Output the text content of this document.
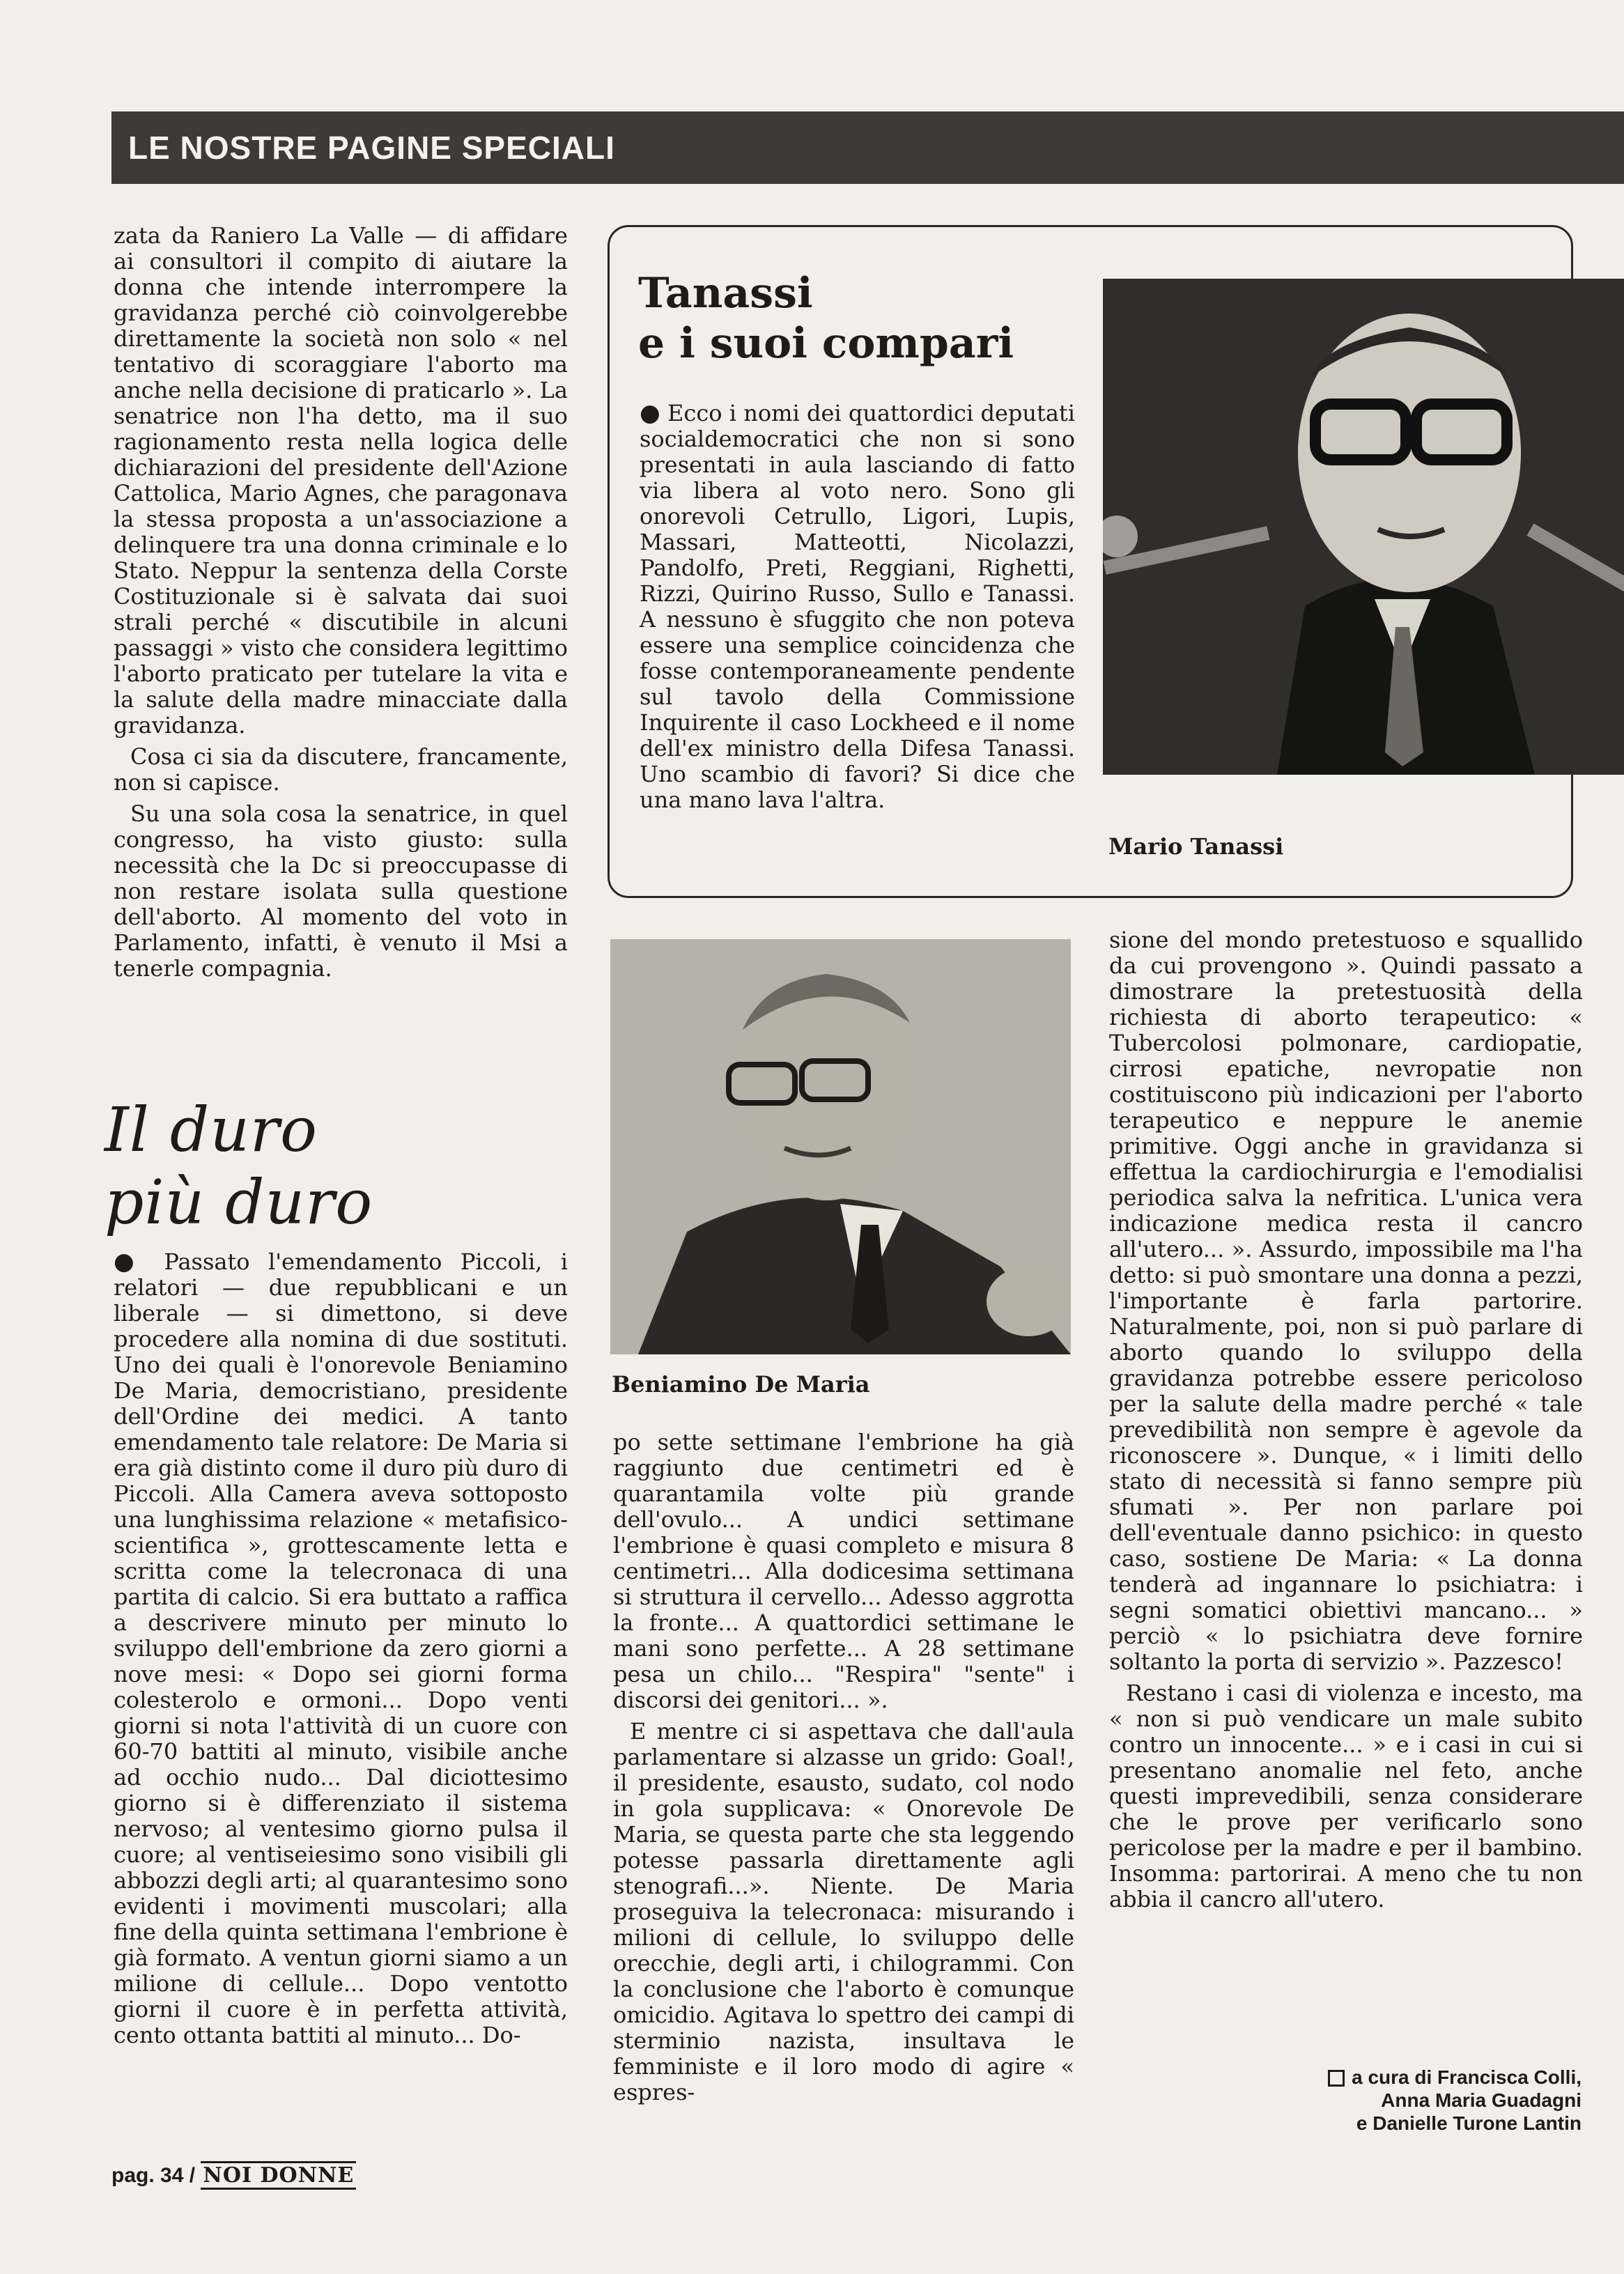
LE NOSTRE PAGINE SPECIALI

zata da Raniero La Valle — di affidare ai consultori il compito di aiutare la donna che intende interrompere la gravidanza perché ciò coinvolgerebbe direttamente la società non solo « nel tentativo di scoraggiare l'aborto ma anche nella decisione di praticarlo ». La senatrice non l'ha detto, ma il suo ragionamento resta nella logica delle dichiarazioni del presidente dell'Azione Cattolica, Mario Agnes, che paragonava la stessa proposta a un'associazione a delinquere tra una donna criminale e lo Stato. Neppur la sentenza della Corste Costituzionale si è salvata dai suoi strali perché « discutibile in alcuni passaggi » visto che considera legittimo l'aborto praticato per tutelare la vita e la salute della madre minacciate dalla gravidanza.

Cosa ci sia da discutere, francamente, non si capisce.

Su una sola cosa la senatrice, in quel congresso, ha visto giusto: sulla necessità che la Dc si preoccupasse di non restare isolata sulla questione dell'aborto. Al momento del voto in Parlamento, infatti, è venuto il Msi a tenerle compagnia.

Il duro
più duro

● Passato l'emendamento Piccoli, i relatori — due repubblicani e un liberale — si dimettono, si deve procedere alla nomina di due sostituti. Uno dei quali è l'onorevole Beniamino De Maria, democristiano, presidente dell'Ordine dei medici. A tanto emendamento tale relatore: De Maria si era già distinto come il duro più duro di Piccoli. Alla Camera aveva sottoposto una lunghissima relazione « metafisico-scientifica », grottescamente letta e scritta come la telecronaca di una partita di calcio. Si era buttato a raffica a descrivere minuto per minuto lo sviluppo dell'embrione da zero giorni a nove mesi: « Dopo sei giorni forma colesterolo e ormoni... Dopo venti giorni si nota l'attività di un cuore con 60-70 battiti al minuto, visibile anche ad occhio nudo... Dal diciottesimo giorno si è differenziato il sistema nervoso; al ventesimo giorno pulsa il cuore; al ventiseiesimo sono visibili gli abbozzi degli arti; al quarantesimo sono evidenti i movimenti muscolari; alla fine della quinta settimana l'embrione è già formato. A ventun giorni siamo a un milione di cellule... Dopo ventotto giorni il cuore è in perfetta attività, cento ottanta battiti al minuto... Do-

Tanassi
e i suoi compari

● Ecco i nomi dei quattordici deputati socialdemocratici che non si sono presentati in aula lasciando di fatto via libera al voto nero. Sono gli onorevoli Cetrullo, Ligori, Lupis, Massari, Matteotti, Nicolazzi, Pandolfo, Preti, Reggiani, Righetti, Rizzi, Quirino Russo, Sullo e Tanassi. A nessuno è sfuggito che non poteva essere una semplice coincidenza che fosse contemporaneamente pendente sul tavolo della Commissione Inquirente il caso Lockheed e il nome dell'ex ministro della Difesa Tanassi. Uno scambio di favori? Si dice che una mano lava l'altra.

Mario Tanassi
Beniamino De Maria

po sette settimane l'embrione ha già raggiunto due centimetri ed è quarantamila volte più grande dell'ovulo... A undici settimane l'embrione è quasi completo e misura 8 centimetri... Alla dodicesima settimana si struttura il cervello... Adesso aggrotta la fronte... A quattordici settimane le mani sono perfette... A 28 settimane pesa un chilo... "Respira" "sente" i discorsi dei genitori... ».

E mentre ci si aspettava che dall'aula parlamentare si alzasse un grido: Goal!, il presidente, esausto, sudato, col nodo in gola supplicava: « Onorevole De Maria, se questa parte che sta leggendo potesse passarla direttamente agli stenografi...». Niente. De Maria proseguiva la telecronaca: misurando i milioni di cellule, lo sviluppo delle orecchie, degli arti, i chilogrammi. Con la conclusione che l'aborto è comunque omicidio. Agitava lo spettro dei campi di sterminio nazista, insultava le femministe e il loro modo di agire « espres-

sione del mondo pretestuoso e squallido da cui provengono ». Quindi passato a dimostrare la pretestuosità della richiesta di aborto terapeutico: « Tubercolosi polmonare, cardiopatie, cirrosi epatiche, nevropatie non costituiscono più indicazioni per l'aborto terapeutico e neppure le anemie primitive. Oggi anche in gravidanza si effettua la cardiochirurgia e l'emodialisi periodica salva la nefritica. L'unica vera indicazione medica resta il cancro all'utero... ». Assurdo, impossibile ma l'ha detto: si può smontare una donna a pezzi, l'importante è farla partorire. Naturalmente, poi, non si può parlare di aborto quando lo sviluppo della gravidanza potrebbe essere pericoloso per la salute della madre perché « tale prevedibilità non sempre è agevole da riconoscere ». Dunque, « i limiti dello stato di necessità si fanno sempre più sfumati ». Per non parlare poi dell'eventuale danno psichico: in questo caso, sostiene De Maria: « La donna tenderà ad ingannare lo psichiatra: i segni somatici obiettivi mancano... » perciò « lo psichiatra deve fornire soltanto la porta di servizio ». Pazzesco!

Restano i casi di violenza e incesto, ma « non si può vendicare un male subito contro un innocente... » e i casi in cui si presentano anomalie nel feto, anche questi imprevedibili, senza considerare che le prove per verificarlo sono pericolose per la madre e per il bambino. Insomma: partorirai. A meno che tu non abbia il cancro all'utero.

a cura di Francisca Colli,
Anna Maria Guadagni
e Danielle Turone Lantin
pag. 34 / NOI DONNE
